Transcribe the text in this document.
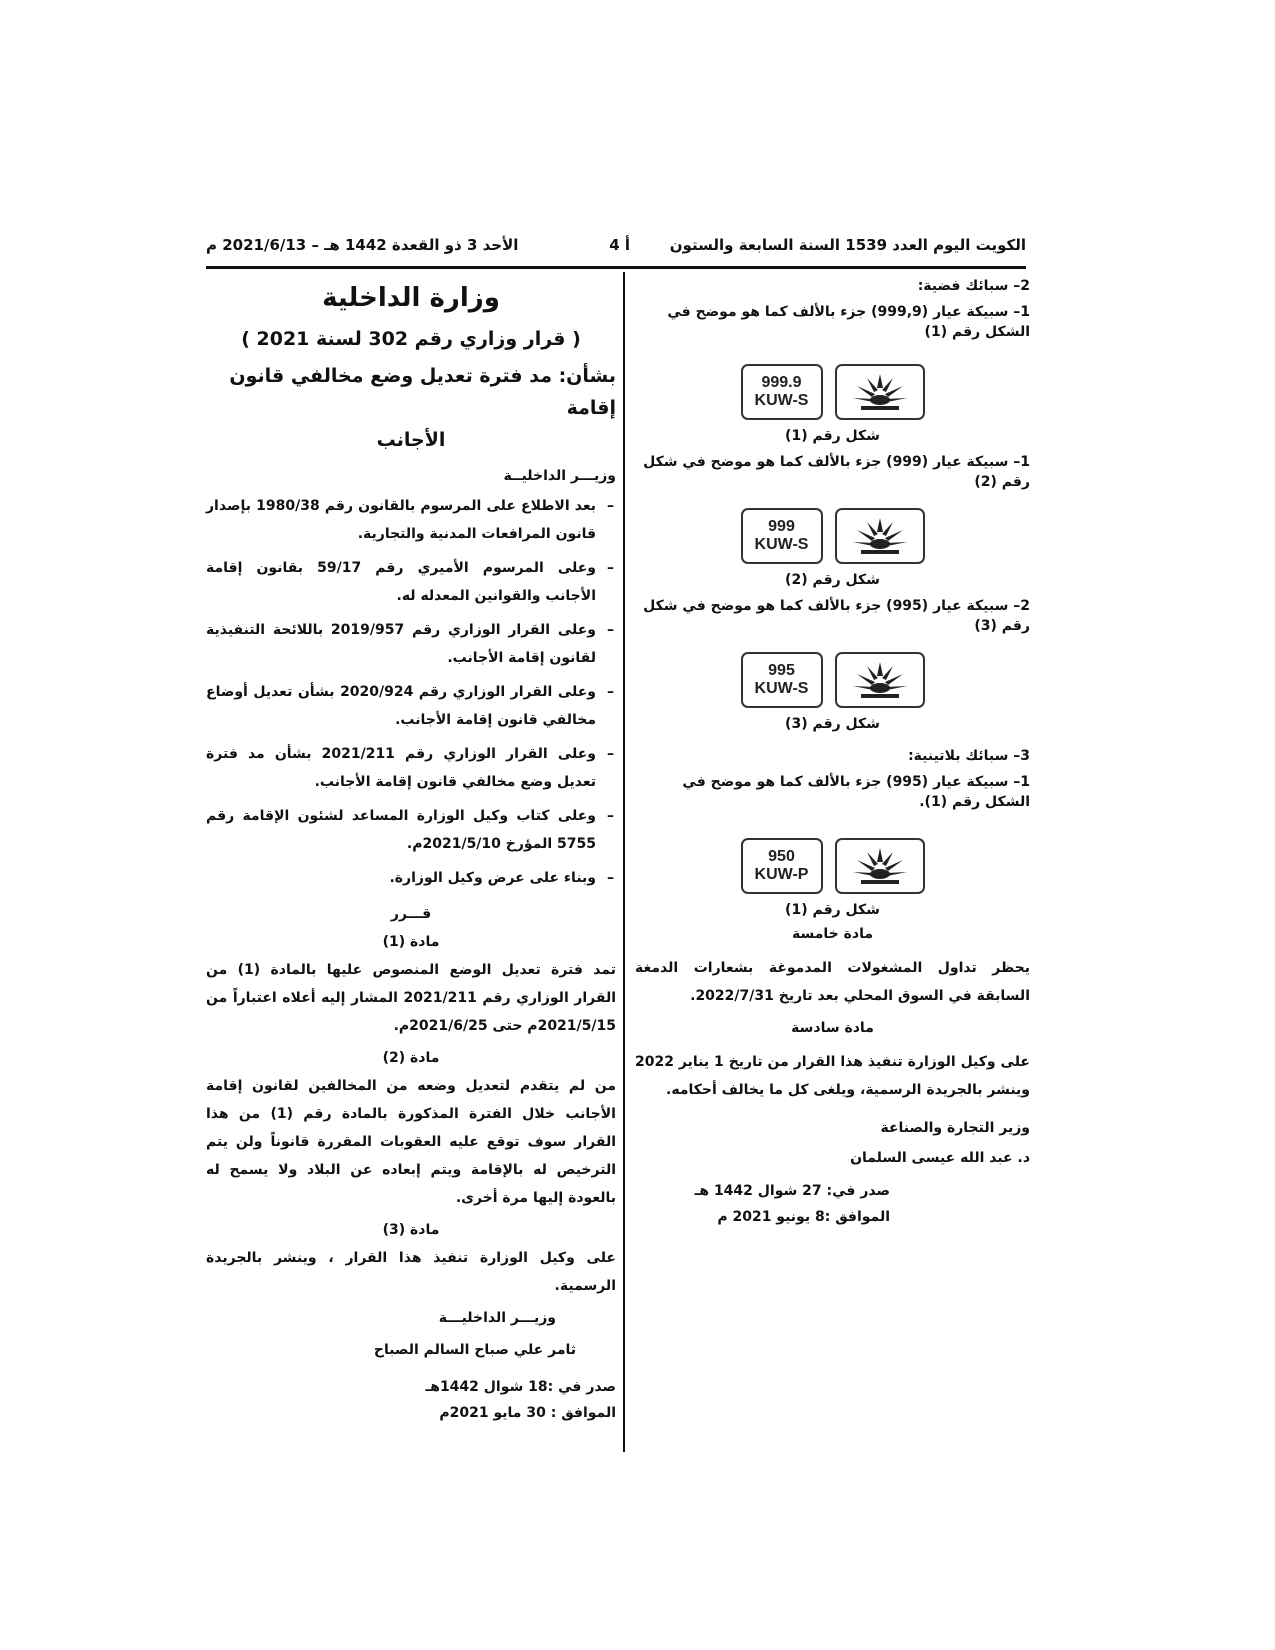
الكويت اليوم العدد 1539 السنة السابعة والستون
أ 4
الأحد 3 ذو القعدة 1442 هـ – 2021/6/13 م

2– سبائك فضية:

1– سبيكة عيار (999,9) جزء بالألف كما هو موضح في الشكل رقم (1)

999.9
KUW-S

شكل رقم (1)

1– سبيكة عيار (999) جزء بالألف كما هو موضح في شكل رقم (2)

999
KUW-S

شكل رقم (2)

2– سبيكة عيار (995) جزء بالألف كما هو موضح في شكل رقم (3)

995
KUW-S

شكل رقم (3)

3– سبائك بلاتينية:

1– سبيكة عيار (995) جزء بالألف كما هو موضح في الشكل رقم (1).

950
KUW-P

شكل رقم (1)

مادة خامسة

يحظر تداول المشغولات المدموغة بشعارات الدمغة السابقة في السوق المحلي بعد تاريخ 2022/7/31.

مادة سادسة

على وكيل الوزارة تنفيذ هذا القرار من تاريخ 1 يناير 2022 وينشر بالجريدة الرسمية، ويلغى كل ما يخالف أحكامه.

وزير التجارة والصناعة

د. عبد الله عيسى السلمان

صدر في: 27 شوال 1442 هـ

الموافق :8 يونيو 2021 م

وزارة الداخلية

( قرار وزاري رقم 302 لسنة 2021 )

بشأن: مد فترة تعديل وضع مخالفي قانون إقامة

الأجانب

وزيـــر الداخليــة

– بعد الاطلاع على المرسوم بالقانون رقم 1980/38 بإصدار قانون المرافعات المدنية والتجارية.

– وعلى المرسوم الأميري رقم 59/17 بقانون إقامة الأجانب والقوانين المعدله له.

– وعلى القرار الوزاري رقم 2019/957 باللائحة التنفيذية لقانون إقامة الأجانب.

– وعلى القرار الوزاري رقم 2020/924 بشأن تعديل أوضاع مخالفي قانون إقامة الأجانب.

– وعلى القرار الوزاري رقم 2021/211 بشأن مد فترة تعديل وضع مخالفي قانون إقامة الأجانب.

– وعلى كتاب وكيل الوزارة المساعد لشئون الإقامة رقم 5755 المؤرخ 2021/5/10م.

– وبناء على عرض وكيل الوزارة.

قـــرر

مادة (1)

تمد فترة تعديل الوضع المنصوص عليها بالمادة (1) من القرار الوزاري رقم 2021/211 المشار إليه أعلاه اعتباراً من 2021/5/15م حتى 2021/6/25م.

مادة (2)

من لم يتقدم لتعديل وضعه من المخالفين لقانون إقامة الأجانب خلال الفترة المذكورة بالمادة رقم (1) من هذا القرار سوف توقع عليه العقوبات المقررة قانوناً ولن يتم الترخيص له بالإقامة ويتم إبعاده عن البلاد ولا يسمح له بالعودة إليها مرة أخرى.

مادة (3)

على وكيل الوزارة تنفيذ هذا القرار ، وينشر بالجريدة الرسمية.

وزيـــر الداخليـــة

ثامر علي صباح السالم الصباح

صدر في :18 شوال 1442هـ

الموافق : 30 مايو 2021م
